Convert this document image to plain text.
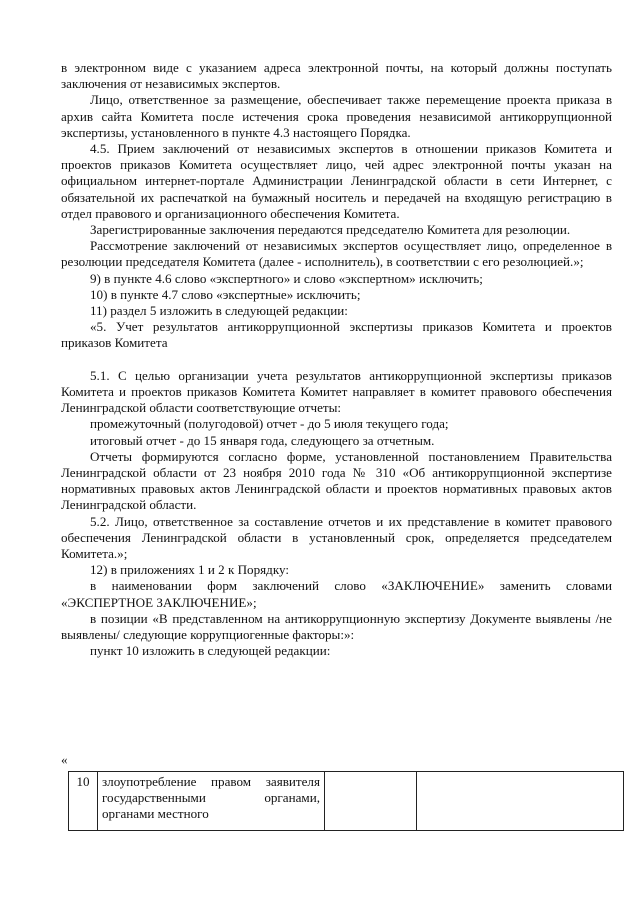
в электронном виде с указанием адреса электронной почты, на который должны поступать заключения от независимых экспертов.

Лицо, ответственное за размещение, обеспечивает также перемещение проекта приказа в архив сайта Комитета после истечения срока проведения независимой антикоррупционной экспертизы, установленного в пункте 4.3 настоящего Порядка.

4.5. Прием заключений от независимых экспертов в отношении приказов Комитета и проектов приказов Комитета осуществляет лицо, чей адрес электронной почты указан на официальном интернет-портале Администрации Ленинградской области в сети Интернет, с обязательной их распечаткой на бумажный носитель и передачей на входящую регистрацию в отдел правового и организационного обеспечения Комитета.

Зарегистрированные заключения передаются председателю Комитета для резолюции.

Рассмотрение заключений от независимых экспертов осуществляет лицо, определенное в резолюции председателя Комитета (далее - исполнитель), в соответствии с его резолюцией.»;

9) в пункте 4.6 слово «экспертного» и слово «экспертном» исключить;

10) в пункте 4.7 слово «экспертные» исключить;

11) раздел 5 изложить в следующей редакции:

«5. Учет результатов антикоррупционной экспертизы приказов Комитета и проектов приказов Комитета

5.1. С целью организации учета результатов антикоррупционной экспертизы приказов Комитета и проектов приказов Комитета Комитет направляет в комитет правового обеспечения Ленинградской области соответствующие отчеты:

промежуточный (полугодовой) отчет - до 5 июля текущего года;

итоговый отчет - до 15 января года, следующего за отчетным.

Отчеты формируются согласно форме, установленной постановлением Правительства Ленинградской области от 23 ноября 2010 года № 310 «Об антикоррупционной экспертизе нормативных правовых актов Ленинградской области и проектов нормативных правовых актов Ленинградской области.

5.2. Лицо, ответственное за составление отчетов и их представление в комитет правового обеспечения Ленинградской области в установленный срок, определяется председателем Комитета.»;

12) в приложениях 1 и 2 к Порядку:

в наименовании форм заключений слово «ЗАКЛЮЧЕНИЕ» заменить словами «ЭКСПЕРТНОЕ ЗАКЛЮЧЕНИЕ»;

в позиции «В представленном на антикоррупционную экспертизу Документе выявлены /не выявлены/ следующие коррупциогенные факторы:»:

пункт 10 изложить в следующей редакции:

«
10	злоупотребление правом заявителя государственными органами, органами местного		
